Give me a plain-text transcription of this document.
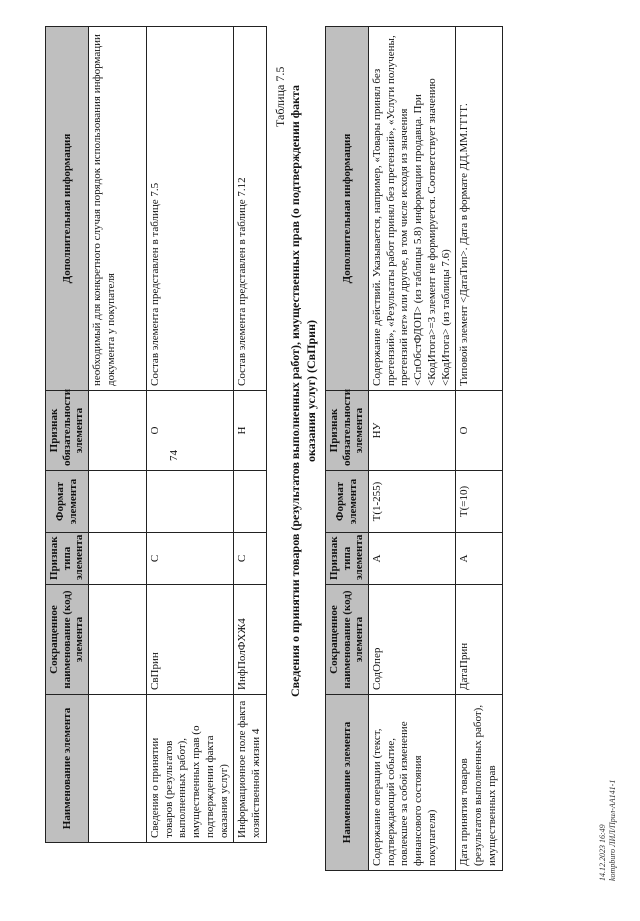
74
Наименование элемента	Сокращенное наименование (код) элемента	Признак типа элемента	Формат элемента	Признак обязательности элемента	Дополнительная информация
					необходимый для конкретного случая порядок использования информации документа у покупателя
Сведения о принятии товаров (результатов выполненных работ), имущественных прав (о подтверждении факта оказания услуг)	СвПрин	С		О	Состав элемента представлен в таблице 7.5
Информационное поле факта хозяйственной жизни 4	ИнфПолФХЖ4	С		Н	Состав элемента представлен в таблице 7.12
Таблица 7.5 Сведения о принятии товаров (результатов выполненных работ), имущественных прав (о подтверждении факта оказания услуг) (СвПрин)
Наименование элемента	Сокращенное наименование (код) элемента	Признак типа элемента	Формат элемента	Признак обязательности элемента	Дополнительная информация
Содержание операции (текст, подтверждающий событие, повлекшее за собой изменение финансового состояния покупателя)	СодОпер	А	T(1-255)	НУ	Содержание действий. Указывается, например, «Товары принял без претензий», «Результаты работ принял без претензий», «Услуги получены, претензий нет» или другое, в том числе исходя из значения <СпОбстФДОП> (из таблицы 5.8) информации продавца. При <КодИтога>=3 элемент не формируется. Соответствует значению <КодИтога> (из таблицы 7.6)
Дата принятия товаров (результатов выполненных работ), имущественных прав	ДатаПрин	А	T(=10)	О	Типовой элемент <ДатаТип>. Дата в формате ДД.ММ.ГГГГ.
14.12.2023 16:49 kompburo ЛИЛ/Прил-АА141-1
